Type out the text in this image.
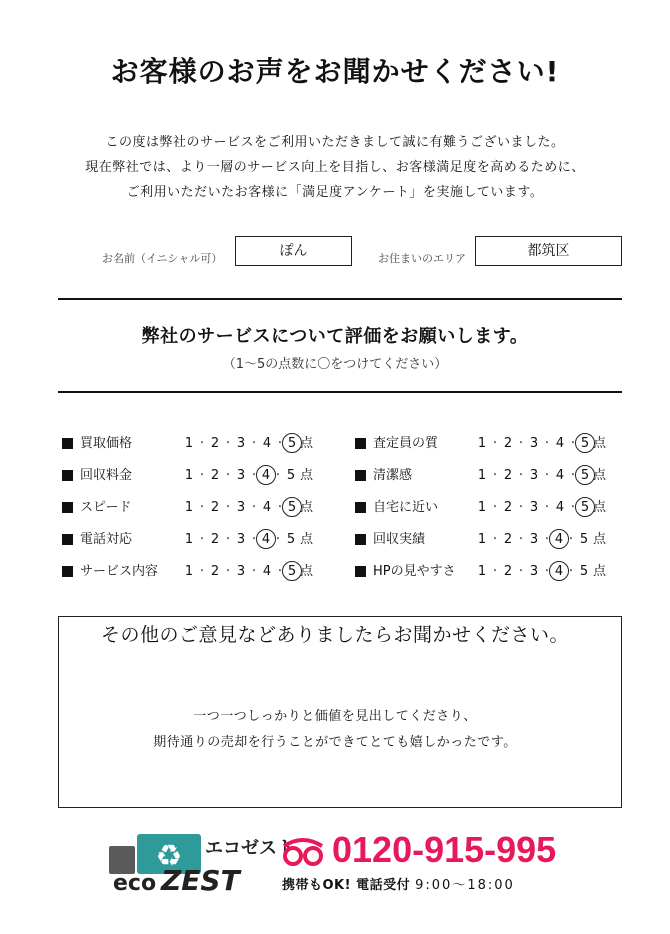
お客様のお声をお聞かせください!
この度は弊社のサービスをご利用いただきまして誠に有難うございました。
現在弊社では、より一層のサービス向上を目指し、お客様満足度を高めるために、
ご利用いただいたお客様に「満足度アンケート」を実施しています。
お名前（イニシャル可）	ぽん	お住まいのエリア	都筑区
弊社のサービスについて評価をお願いします。
（1〜5の点数に〇をつけてください）
買取価格	1 · 2 · 3 · 4 · 5 点
回収料金	1 · 2 · 3 · 4 · 5 点
スピード	1 · 2 · 3 · 4 · 5 点
電話対応	1 · 2 · 3 · 4 · 5 点
サービス内容 1 · 2 · 3 · 4 · 5 点
査定員の質	1 · 2 · 3 · 4 · 5 点
清潔感	1 · 2 · 3 · 4 · 5 点
自宅に近い	1 · 2 · 3 · 4 · 5 点
回収実績	1 · 2 · 3 · 4 · 5 点
HPの見やすさ 1 · 2 · 3 · 4 · 5 点
その他のご意見などありましたらお聞かせください。
一つ一つしっかりと価値を見出してくださり、
期待通りの売却を行うことができてとても嬉しかったです。
♻ エコゼスト
eco ZEST
0120-915-995
携帯もOK! 電話受付 9:00〜18:00
